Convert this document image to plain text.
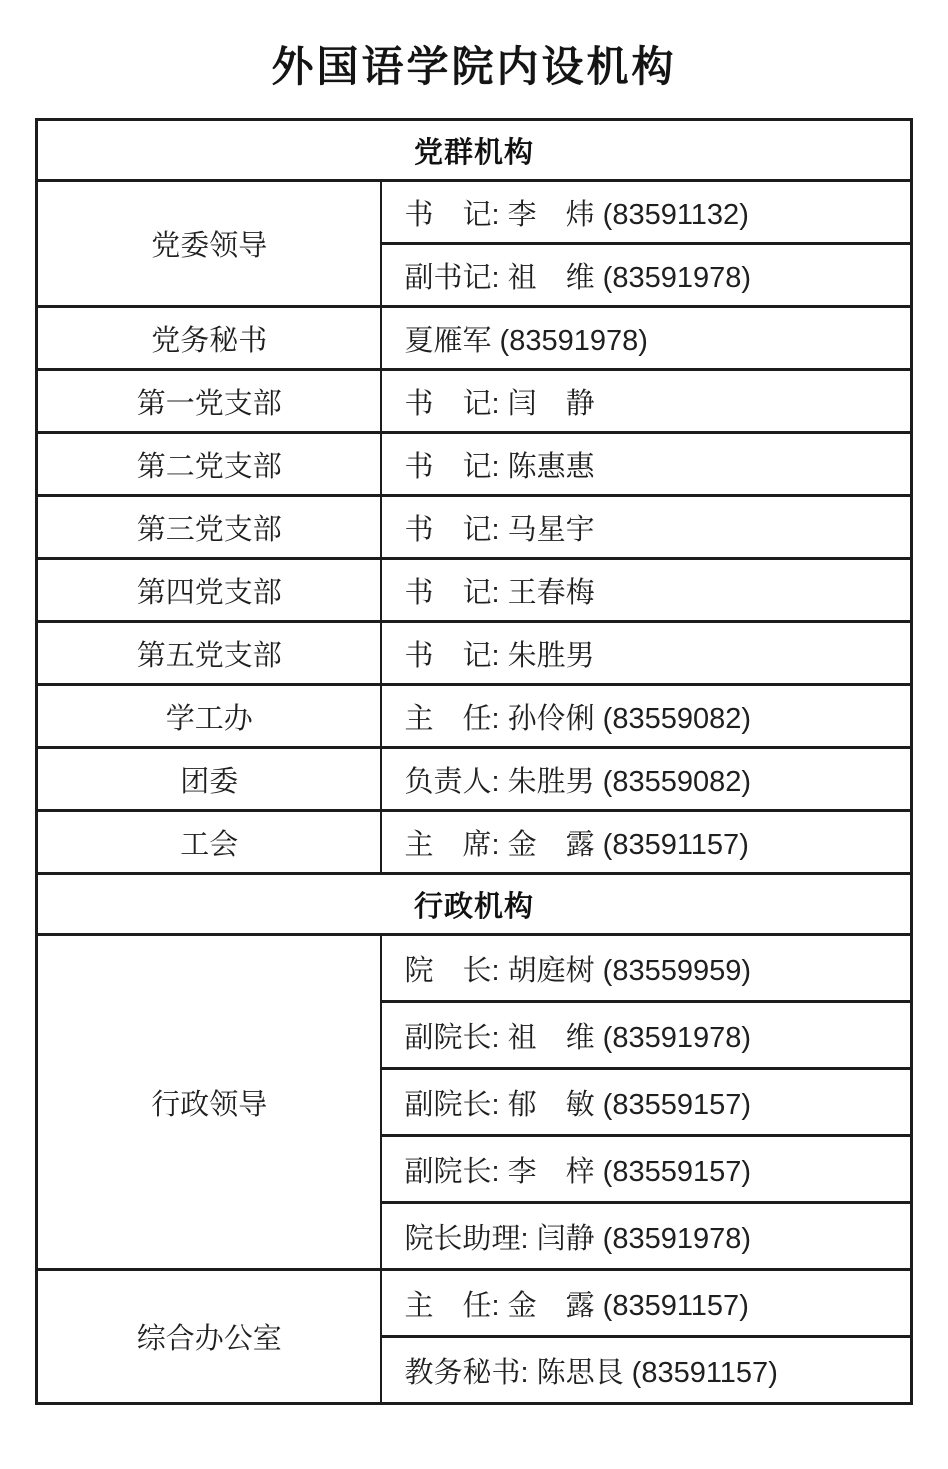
外国语学院内设机构
党群机构	
党委领导	书　记: 李　炜 (83591132)
	副书记: 祖　维 (83591978)
党务秘书	夏雁军 (83591978)
第一党支部	书　记: 闫　静
第二党支部	书　记: 陈惠惠
第三党支部	书　记: 马星宇
第四党支部	书　记: 王春梅
第五党支部	书　记: 朱胜男
学工办	主　任: 孙伶俐 (83559082)
团委	负责人: 朱胜男 (83559082)
工会	主　席: 金　露 (83591157)
行政机构	
行政领导	院　长: 胡庭树 (83559959)
	副院长: 祖　维 (83591978)
	副院长: 郁　敏 (83559157)
	副院长: 李　梓 (83559157)
	院长助理: 闫静 (83591978)
综合办公室	主　任: 金　露 (83591157)
	教务秘书: 陈思艮 (83591157)
